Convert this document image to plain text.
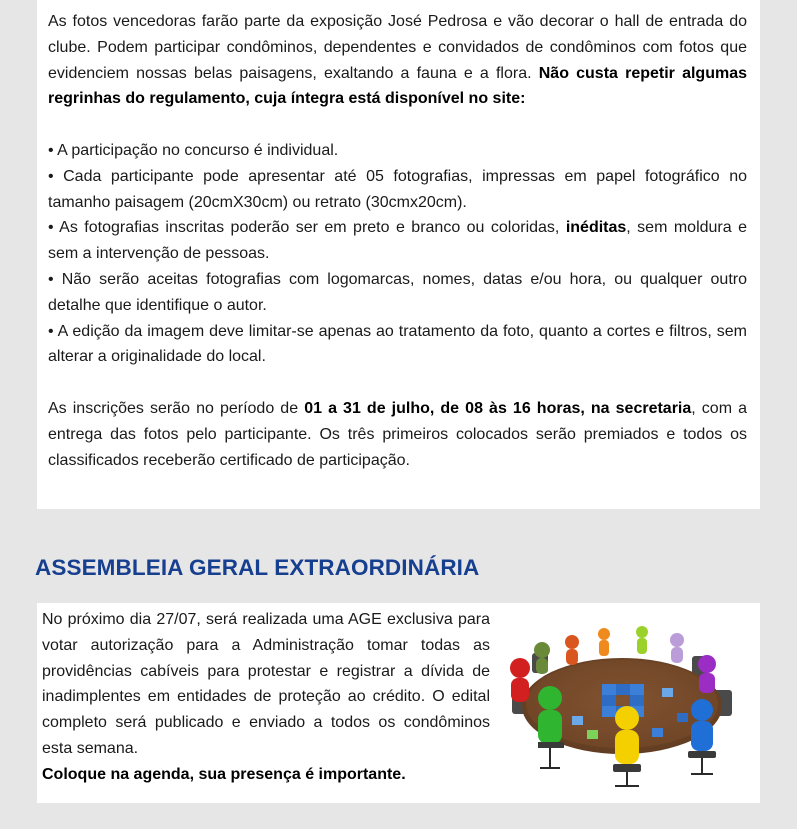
As fotos vencedoras farão parte da exposição José Pedrosa e vão decorar o hall de entrada do clube. Podem participar condôminos, dependentes e convidados de condôminos com fotos que evidenciem nossas belas paisagens, exaltando a fauna e a flora. Não custa repetir algumas regrinhas do regulamento, cuja íntegra está disponível no site:

• A participação no concurso é individual.

• Cada participante pode apresentar até 05 fotografias, impressas em papel fotográfico no tamanho paisagem (20cmX30cm) ou retrato (30cmx20cm).

• As fotografias inscritas poderão ser em preto e branco ou coloridas, inéditas, sem moldura e sem a intervenção de pessoas.

• Não serão aceitas fotografias com logomarcas, nomes, datas e/ou hora, ou qualquer outro detalhe que identifique o autor.

• A edição da imagem deve limitar-se apenas ao tratamento da foto, quanto a cortes e filtros, sem alterar a originalidade do local.

As inscrições serão no período de 01 a 31 de julho, de 08 às 16 horas, na secretaria, com a entrega das fotos pelo participante. Os três primeiros colocados serão premiados e todos os classificados receberão certificado de participação.

ASSEMBLEIA GERAL EXTRAORDINÁRIA

No próximo dia 27/07, será realizada uma AGE exclusiva para votar autorização para a Administração tomar todas as providências cabíveis para protestar e registrar a dívida de inadimplentes em entidades de proteção ao crédito. O edital completo será publicado e enviado a todos os condôminos esta semana.

Coloque na agenda, sua presença é importante.
